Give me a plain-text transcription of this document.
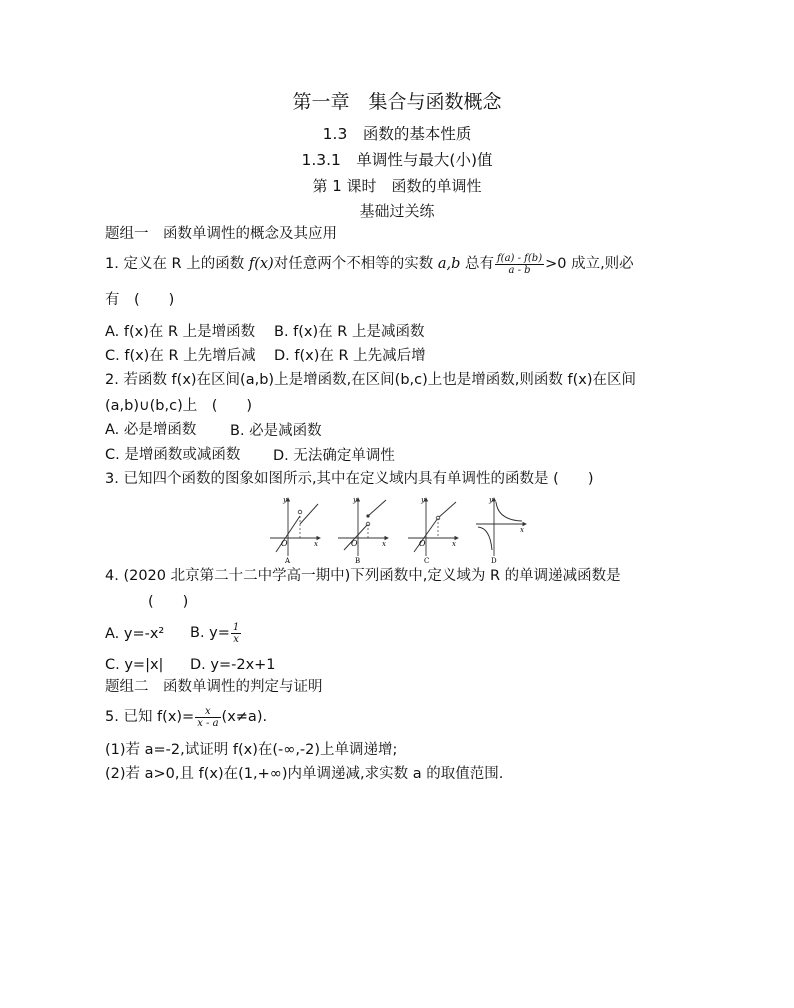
第一章　集合与函数概念
1.3　函数的基本性质
1.3.1　单调性与最大(小)值
第 1 课时　函数的单调性
基础过关练
题组一　函数单调性的概念及其应用
1. 定义在 R 上的函数 f(x)对任意两个不相等的实数 a,b 总有 $\frac{f(a) - f(b)}{a - b} >0$ 成立,则必
有　(　　)
A. f(x)在 R 上是增函数 B. f(x)在 R 上是减函数
C. f(x)在 R 上先增后减 D. f(x)在 R 上先减后增
2. 若函数 f(x)在区间(a,b)上是增函数,在区间(b,c)上也是增函数,则函数 f(x)在区间
(a,b)∪(b,c)上　(　　)
A. 必是增函数 B. 必是减函数
C. 是增函数或减函数 D. 无法确定单调性
3. 已知四个函数的图象如图所示,其中在定义域内具有单调性的函数是 (　　)
O
y
x
A
O
y
x
B
O
y
x
C
y
x
D
4. (2020 北京第二十二中学高一期中)下列函数中,定义域为 R 的单调递减函数是
(　　)
A. y=-x² B. $y= \frac{1}{x}$
C. y=|x| D. y=-2x+1
题组二　函数单调性的判定与证明
5. 已知 $f(x)= \frac{x}{x - a} (x\ne a)$.
(1)若 a=-2,试证明 f(x)在(-∞,-2)上单调递增;
(2)若 a>0,且 f(x)在(1,+∞)内单调递减,求实数 a 的取值范围.
